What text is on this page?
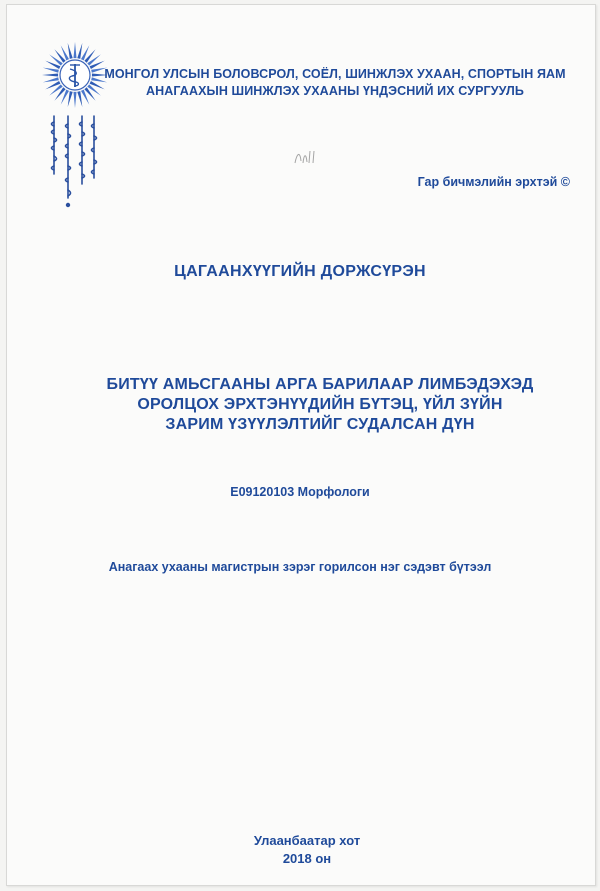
МОНГОЛ УЛСЫН БОЛОВСРОЛ, СОЁЛ, ШИНЖЛЭХ УХААН, СПОРТЫН ЯАМ
АНАГААХЫН ШИНЖЛЭХ УХААНЫ ҮНДЭСНИЙ ИХ СУРГУУЛЬ
Гар бичмэлийн эрхтэй ©
ЦАГААНХҮҮГИЙН ДОРЖСҮРЭН
БИТҮҮ АМЬСГААНЫ АРГА БАРИЛААР ЛИМБЭДЭХЭД
ОРОЛЦОХ ЭРХТЭНҮҮДИЙН БҮТЭЦ, ҮЙЛ ЗҮЙН
ЗАРИМ ҮЗҮҮЛЭЛТИЙГ СУДАЛСАН ДҮН
E09120103 Морфологи
Анагаах ухааны магистрын зэрэг горилсон нэг сэдэвт бүтээл
Улаанбаатар хот
2018 он
